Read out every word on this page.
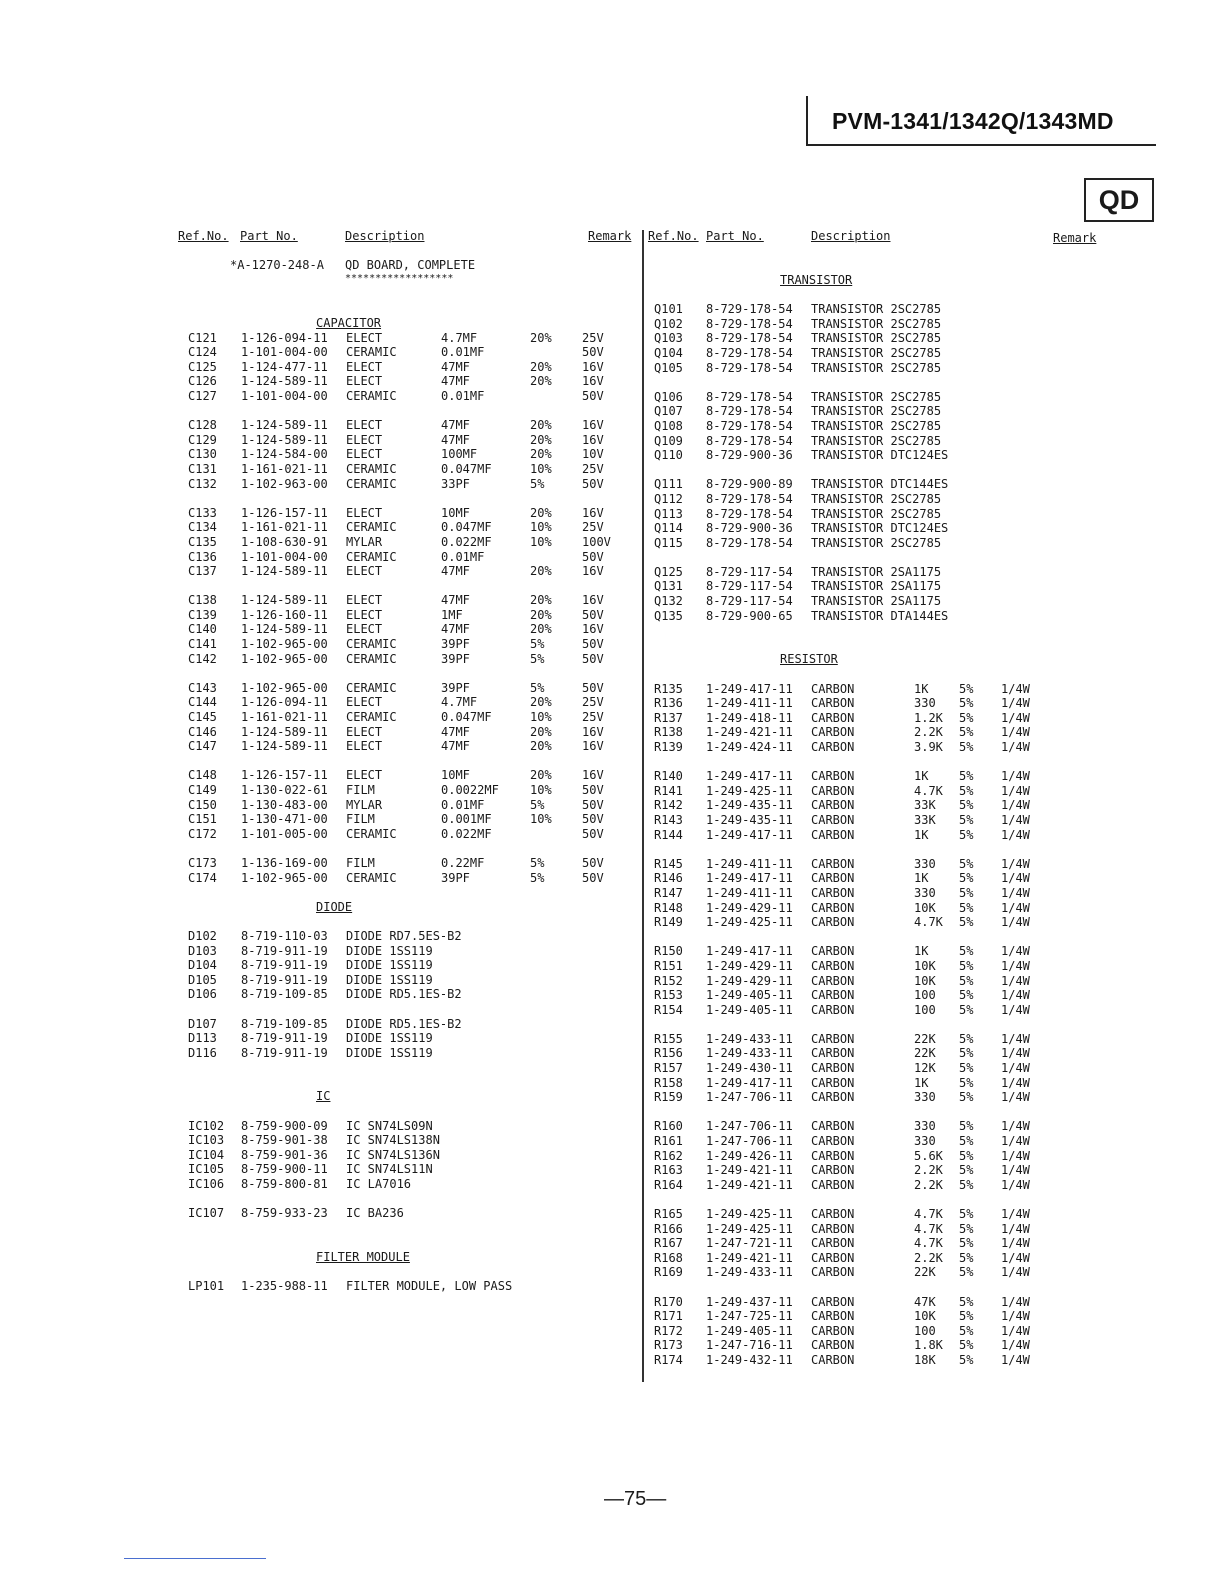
PVM-1341/1342Q/1343MD
QD
Ref.No. Part No.	Description	Remark Ref.No. Part No.	Description	Remark
*A-1270-248-A QD BOARD, COMPLETE
******************
CAPACITOR
C121 1-126-094-11 ELECT	4.7MF	20%	25V
C124 1-101-004-00 CERAMIC	0.01MF	50V
C125 1-124-477-11 ELECT	47MF	20%	16V
C126 1-124-589-11 ELECT	47MF	20%	16V
C127 1-101-004-00 CERAMIC	0.01MF	50V
C128 1-124-589-11 ELECT	47MF	20%	16V
C129 1-124-589-11 ELECT	47MF	20%	16V
C130 1-124-584-00 ELECT	100MF	20%	10V
C131 1-161-021-11 CERAMIC	0.047MF	10%	25V
C132 1-102-963-00 CERAMIC	33PF	5%	50V
C133 1-126-157-11 ELECT	10MF	20%	16V
C134 1-161-021-11 CERAMIC	0.047MF	10%	25V
C135 1-108-630-91 MYLAR	0.022MF	10%	100V
C136 1-101-004-00 CERAMIC	0.01MF	50V
C137 1-124-589-11 ELECT	47MF	20%	16V
C138 1-124-589-11 ELECT	47MF	20%	16V
C139 1-126-160-11 ELECT	1MF	20%	50V
C140 1-124-589-11 ELECT	47MF	20%	16V
C141 1-102-965-00 CERAMIC	39PF	5%	50V
C142 1-102-965-00 CERAMIC	39PF	5%	50V
C143 1-102-965-00 CERAMIC	39PF	5%	50V
C144 1-126-094-11 ELECT	4.7MF	20%	25V
C145 1-161-021-11 CERAMIC	0.047MF	10%	25V
C146 1-124-589-11 ELECT	47MF	20%	16V
C147 1-124-589-11 ELECT	47MF	20%	16V
C148 1-126-157-11 ELECT	10MF	20%	16V
C149 1-130-022-61 FILM	0.0022MF	10%	50V
C150 1-130-483-00 MYLAR	0.01MF	5%	50V
C151 1-130-471-00 FILM	0.001MF	10%	50V
C172 1-101-005-00 CERAMIC	0.022MF	50V
C173 1-136-169-00 FILM	0.22MF	5%	50V
C174 1-102-965-00 CERAMIC	39PF	5%	50V
DIODE
D102 8-719-110-03 DIODE RD7.5ES-B2
D103 8-719-911-19 DIODE 1SS119
D104 8-719-911-19 DIODE 1SS119
D105 8-719-911-19 DIODE 1SS119
D106 8-719-109-85 DIODE RD5.1ES-B2
D107 8-719-109-85 DIODE RD5.1ES-B2
D113 8-719-911-19 DIODE 1SS119
D116 8-719-911-19 DIODE 1SS119
IC
IC102 8-759-900-09 IC SN74LS09N
IC103 8-759-901-38 IC SN74LS138N
IC104 8-759-901-36 IC SN74LS136N
IC105 8-759-900-11 IC SN74LS11N
IC106 8-759-800-81 IC LA7016
IC107 8-759-933-23 IC BA236
FILTER MODULE
LP101 1-235-988-11 FILTER MODULE, LOW PASS
TRANSISTOR
Q101 8-729-178-54 TRANSISTOR 2SC2785
Q102 8-729-178-54 TRANSISTOR 2SC2785
Q103 8-729-178-54 TRANSISTOR 2SC2785
Q104 8-729-178-54 TRANSISTOR 2SC2785
Q105 8-729-178-54 TRANSISTOR 2SC2785
Q106 8-729-178-54 TRANSISTOR 2SC2785
Q107 8-729-178-54 TRANSISTOR 2SC2785
Q108 8-729-178-54 TRANSISTOR 2SC2785
Q109 8-729-178-54 TRANSISTOR 2SC2785
Q110 8-729-900-36 TRANSISTOR DTC124ES
Q111 8-729-900-89 TRANSISTOR DTC144ES
Q112 8-729-178-54 TRANSISTOR 2SC2785
Q113 8-729-178-54 TRANSISTOR 2SC2785
Q114 8-729-900-36 TRANSISTOR DTC124ES
Q115 8-729-178-54 TRANSISTOR 2SC2785
Q125 8-729-117-54 TRANSISTOR 2SA1175
Q131 8-729-117-54 TRANSISTOR 2SA1175
Q132 8-729-117-54 TRANSISTOR 2SA1175
Q135 8-729-900-65 TRANSISTOR DTA144ES
RESISTOR
R135 1-249-417-11 CARBON	1K	5% 1/4W
R136 1-249-411-11 CARBON	330 5% 1/4W
R137 1-249-418-11 CARBON	1.2K 5% 1/4W
R138 1-249-421-11 CARBON	2.2K 5% 1/4W
R139 1-249-424-11 CARBON	3.9K 5% 1/4W
R140 1-249-417-11 CARBON	1K	5% 1/4W
R141 1-249-425-11 CARBON	4.7K 5% 1/4W
R142 1-249-435-11 CARBON	33K 5% 1/4W
R143 1-249-435-11 CARBON	33K 5% 1/4W
R144 1-249-417-11 CARBON	1K	5% 1/4W
R145 1-249-411-11 CARBON	330 5% 1/4W
R146 1-249-417-11 CARBON	1K	5% 1/4W
R147 1-249-411-11 CARBON	330 5% 1/4W
R148 1-249-429-11 CARBON	10K 5% 1/4W
R149 1-249-425-11 CARBON	4.7K 5% 1/4W
R150 1-249-417-11 CARBON	1K	5% 1/4W
R151 1-249-429-11 CARBON	10K 5% 1/4W
R152 1-249-429-11 CARBON	10K 5% 1/4W
R153 1-249-405-11 CARBON	100 5% 1/4W
R154 1-249-405-11 CARBON	100 5% 1/4W
R155 1-249-433-11 CARBON	22K 5% 1/4W
R156 1-249-433-11 CARBON	22K 5% 1/4W
R157 1-249-430-11 CARBON	12K 5% 1/4W
R158 1-249-417-11 CARBON	1K	5% 1/4W
R159 1-247-706-11 CARBON	330 5% 1/4W
R160 1-247-706-11 CARBON	330 5% 1/4W
R161 1-247-706-11 CARBON	330 5% 1/4W
R162 1-249-426-11 CARBON	5.6K 5% 1/4W
R163 1-249-421-11 CARBON	2.2K 5% 1/4W
R164 1-249-421-11 CARBON	2.2K 5% 1/4W
R165 1-249-425-11 CARBON	4.7K 5% 1/4W
R166 1-249-425-11 CARBON	4.7K 5% 1/4W
R167 1-247-721-11 CARBON	4.7K 5% 1/4W
R168 1-249-421-11 CARBON	2.2K 5% 1/4W
R169 1-249-433-11 CARBON	22K 5% 1/4W
R170 1-249-437-11 CARBON	47K 5% 1/4W
R171 1-247-725-11 CARBON	10K 5% 1/4W
R172 1-249-405-11 CARBON	100 5% 1/4W
R173 1-247-716-11 CARBON	1.8K 5% 1/4W
R174 1-249-432-11 CARBON	18K 5% 1/4W
—75—
